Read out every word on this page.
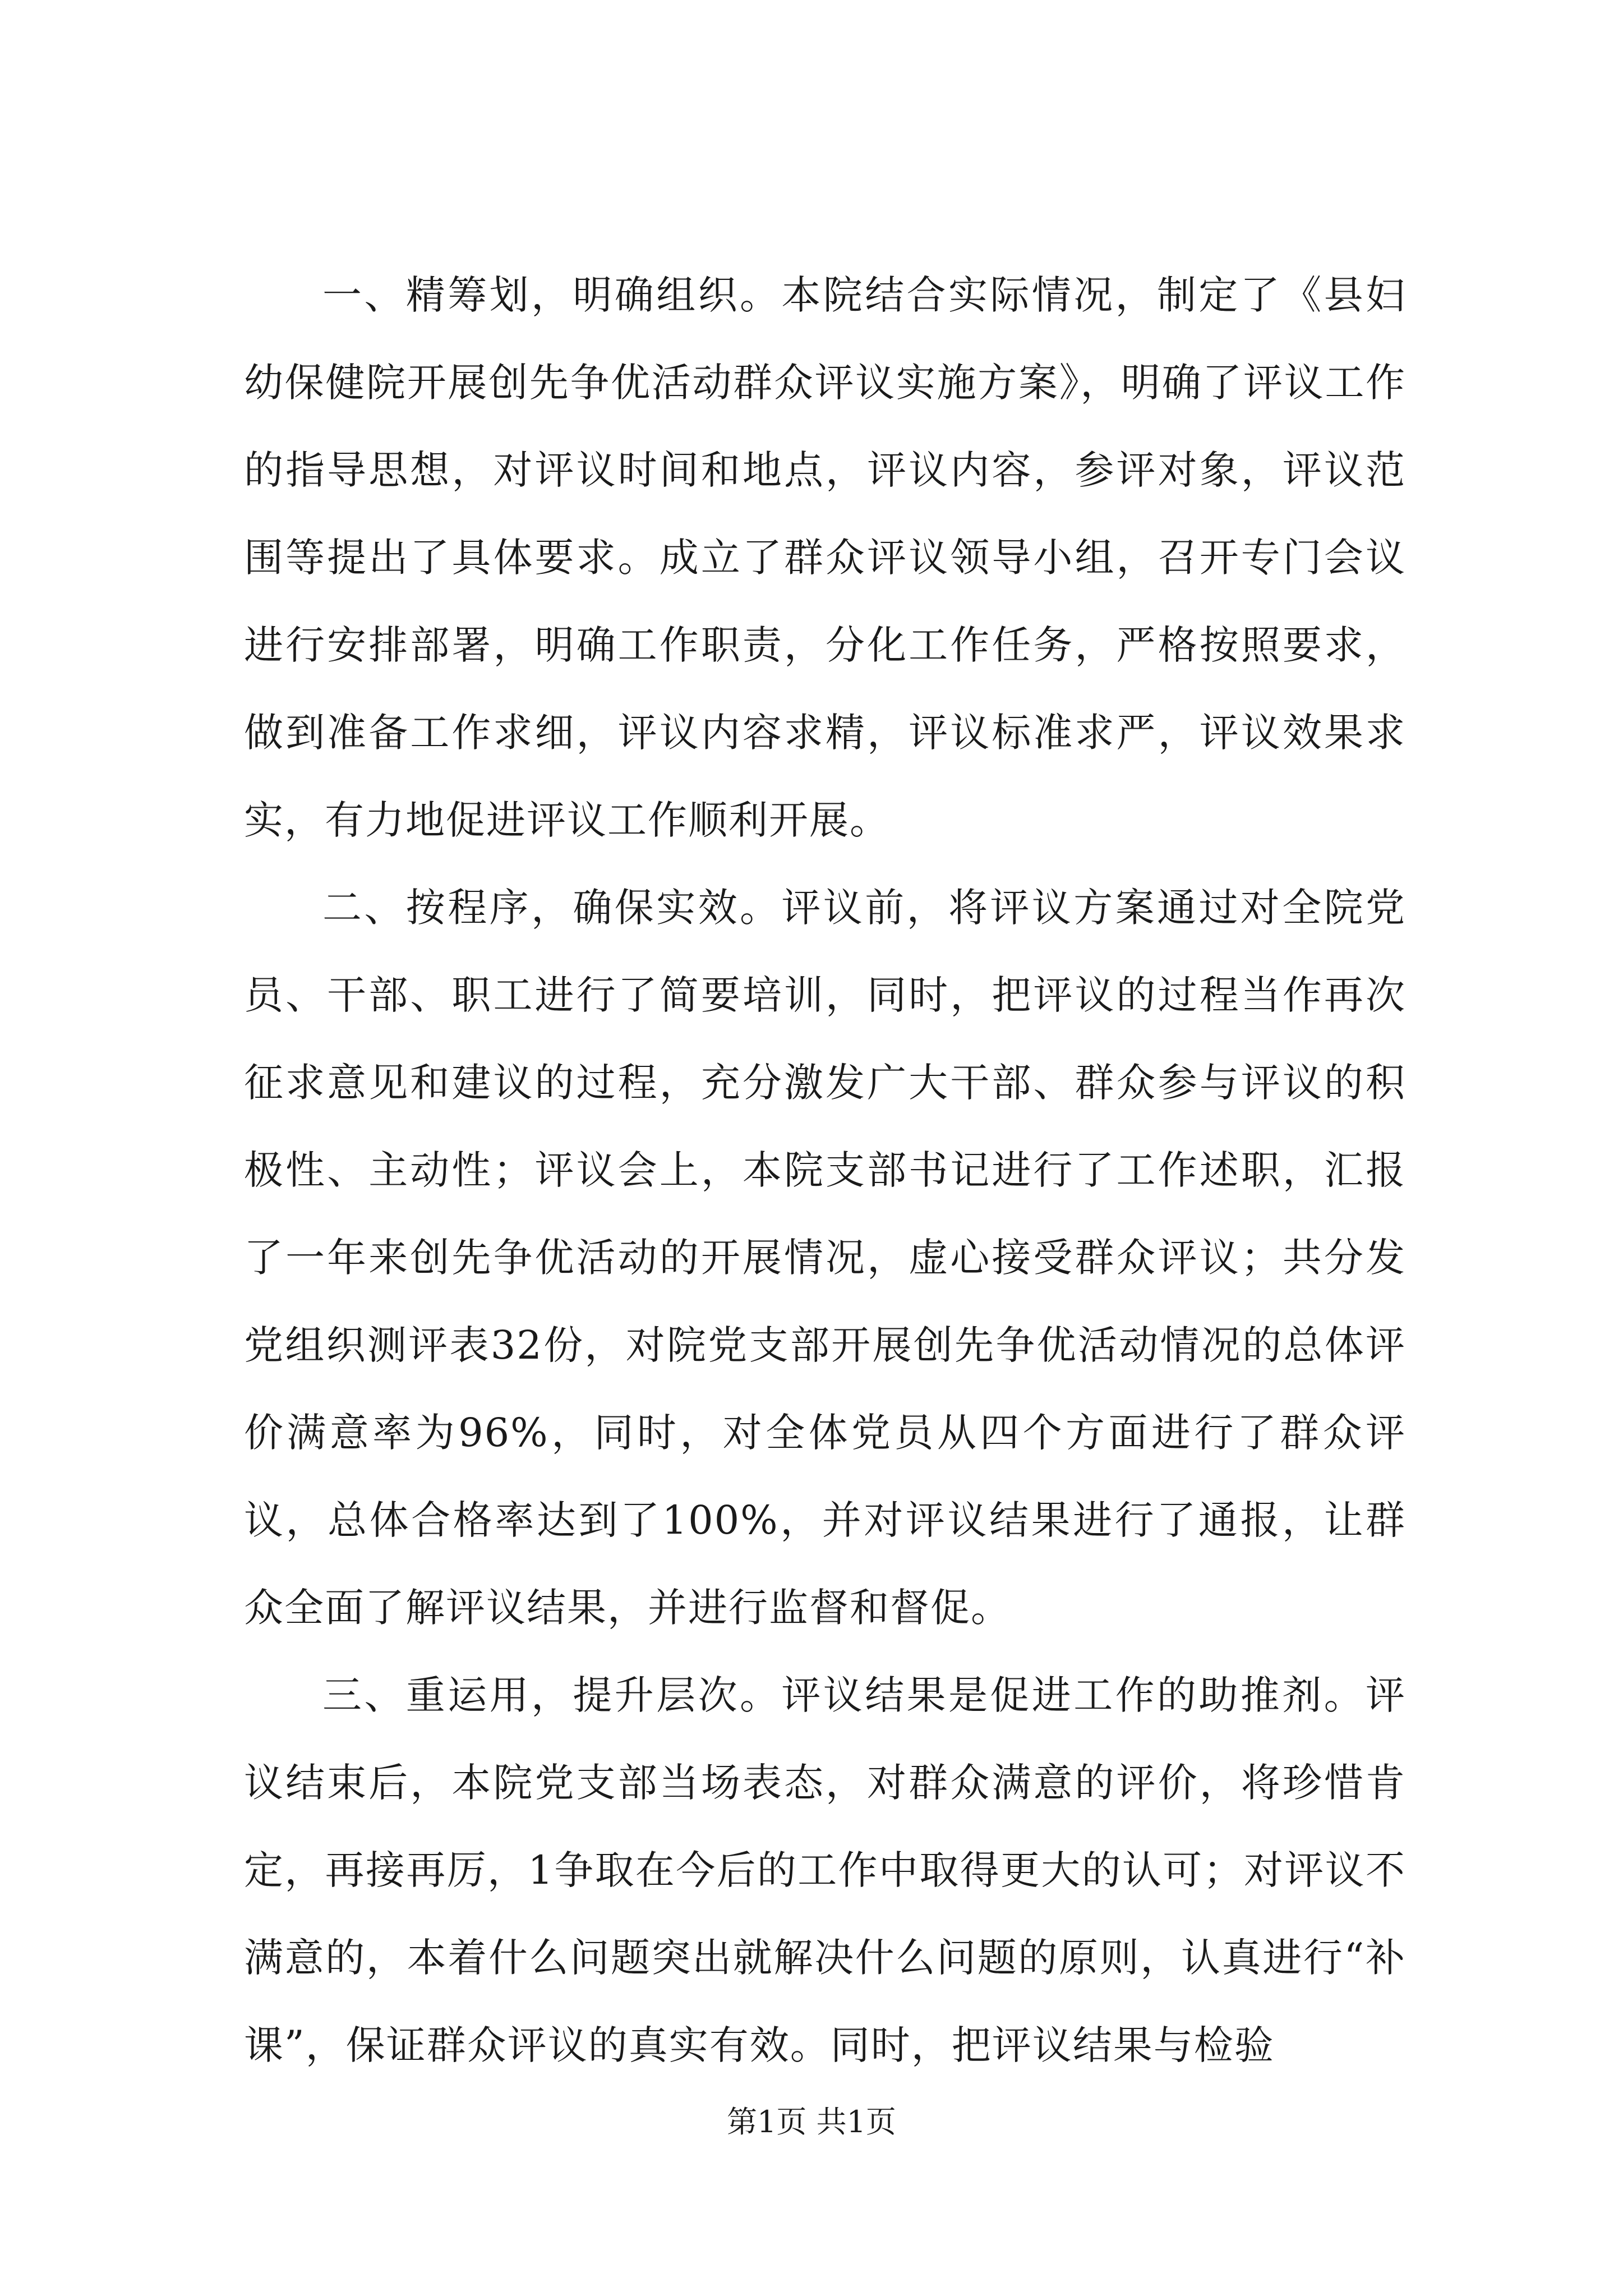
一、精筹划，明确组织。本院结合实际情况，制定了《县妇幼保健院开展创先争优活动群众评议实施方案》，明确了评议工作的指导思想，对评议时间和地点，评议内容，参评对象，评议范围等提出了具体要求。成立了群众评议领导小组，召开专门会议进行安排部署，明确工作职责，分化工作任务，严格按照要求，做到准备工作求细，评议内容求精，评议标准求严，评议效果求实，有力地促进评议工作顺利开展。

二、按程序，确保实效。评议前，将评议方案通过对全院党员、干部、职工进行了简要培训，同时，把评议的过程当作再次征求意见和建议的过程，充分激发广大干部、群众参与评议的积极性、主动性；评议会上，本院支部书记进行了工作述职，汇报了一年来创先争优活动的开展情况，虚心接受群众评议；共分发党组织测评表32份，对院党支部开展创先争优活动情况的总体评价满意率为96%，同时，对全体党员从四个方面进行了群众评议，总体合格率达到了100%，并对评议结果进行了通报，让群众全面了解评议结果，并进行监督和督促。

三、重运用，提升层次。评议结果是促进工作的助推剂。评议结束后，本院党支部当场表态，对群众满意的评价，将珍惜肯定，再接再厉，1争取在今后的工作中取得更大的认可；对评议不满意的，本着什么问题突出就解决什么问题的原则，认真进行“补课”，保证群众评议的真实有效。同时，把评议结果与检验

第1页 共1页
